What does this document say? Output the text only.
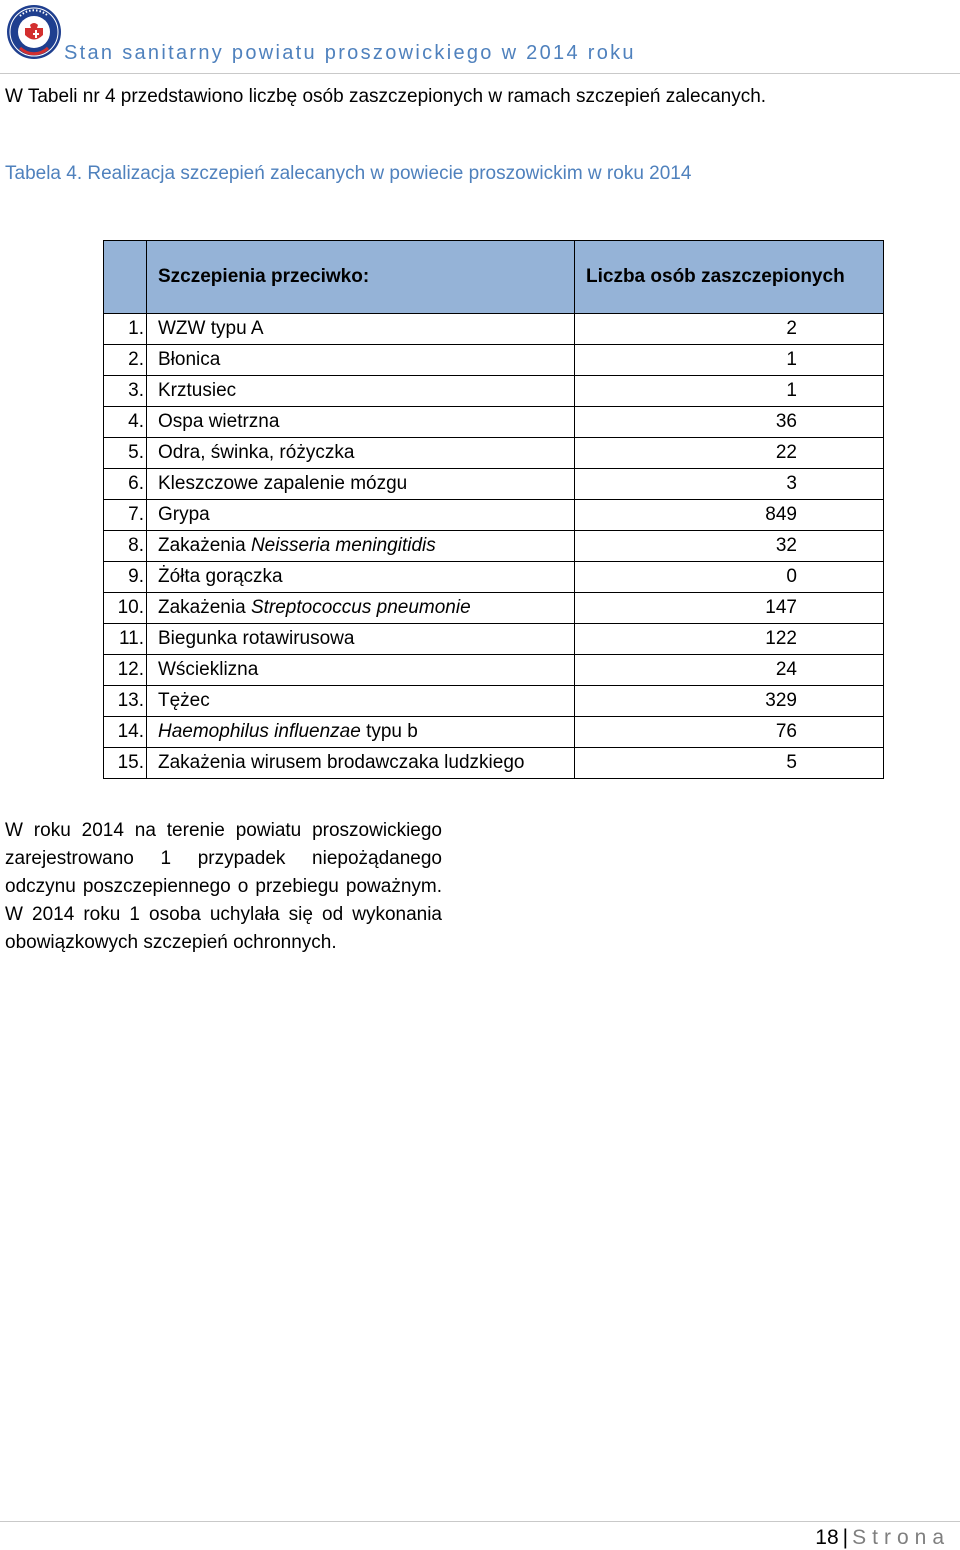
Stan sanitarny powiatu proszowickiego w 2014 roku
W Tabeli nr 4 przedstawiono liczbę osób zaszczepionych w ramach szczepień zalecanych.
Tabela 4. Realizacja szczepień zalecanych w powiecie proszowickim w roku 2014
	Szczepienia przeciwko:	Liczba osób zaszczepionych
1.	WZW typu A	2
2.	Błonica	1
3.	Krztusiec	1
4.	Ospa wietrzna	36
5.	Odra, świnka, różyczka	22
6.	Kleszczowe zapalenie mózgu	3
7.	Grypa	849
8.	Zakażenia Neisseria meningitidis	32
9.	Żółta gorączka	0
10.	Zakażenia Streptococcus pneumonie	147
11.	Biegunka rotawirusowa	122
12.	Wścieklizna	24
13.	Tężec	329
14.	Haemophilus influenzae typu b	76
15.	Zakażenia wirusem brodawczaka ludzkiego	5
W roku 2014 na terenie powiatu proszowickiego zarejestrowano 1 przypadek niepożądanego odczynu poszczepiennego o przebiegu poważnym. W 2014 roku 1 osoba uchylała się od wykonania obowiązkowych szczepień ochronnych.
18 | Strona
